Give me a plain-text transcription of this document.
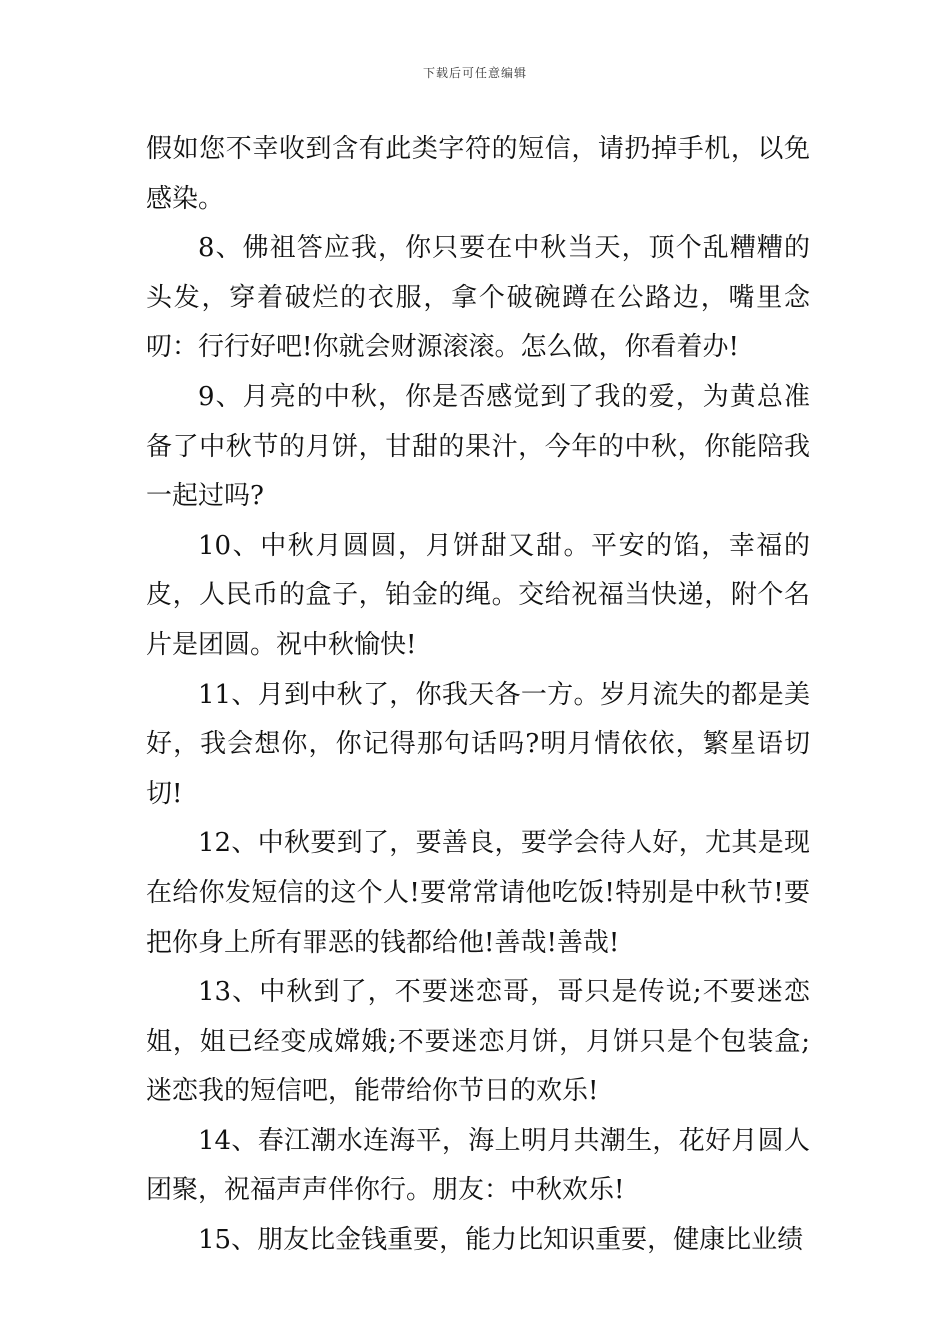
下载后可任意编辑

假如您不幸收到含有此类字符的短信，请扔掉手机，以免感染。

8、佛祖答应我，你只要在中秋当天，顶个乱糟糟的头发，穿着破烂的衣服，拿个破碗蹲在公路边，嘴里念叨：行行好吧!你就会财源滚滚。怎么做，你看着办!

9、月亮的中秋，你是否感觉到了我的爱，为黄总准备了中秋节的月饼，甘甜的果汁，今年的中秋，你能陪我一起过吗?

10、中秋月圆圆，月饼甜又甜。平安的馅，幸福的皮，人民币的盒子，铂金的绳。交给祝福当快递，附个名片是团圆。祝中秋愉快!

11、月到中秋了，你我天各一方。岁月流失的都是美好，我会想你，你记得那句话吗?明月情依依，繁星语切切!

12、中秋要到了，要善良，要学会待人好，尤其是现在给你发短信的这个人!要常常请他吃饭!特别是中秋节!要把你身上所有罪恶的钱都给他!善哉!善哉!

13、中秋到了，不要迷恋哥，哥只是传说;不要迷恋姐，姐已经变成嫦娥;不要迷恋月饼，月饼只是个包装盒;迷恋我的短信吧，能带给你节日的欢乐!

14、春江潮水连海平，海上明月共潮生，花好月圆人团聚，祝福声声伴你行。朋友：中秋欢乐!

15、朋友比金钱重要，能力比知识重要，健康比业绩
